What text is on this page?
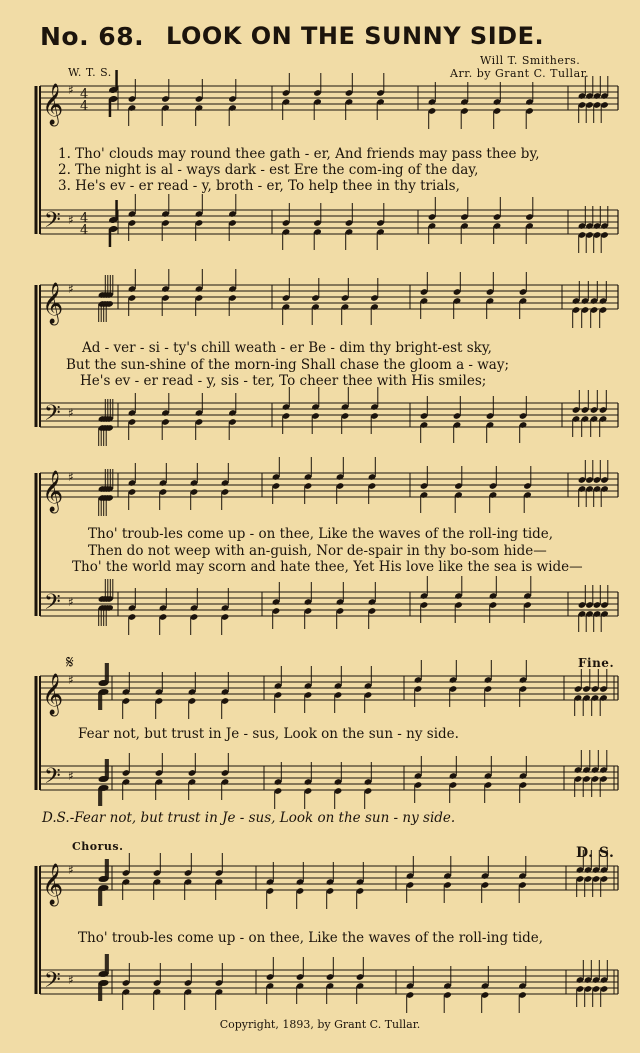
No. 68. LOOK ON THE SUNNY SIDE.
Will T. Smithers.
W. T. S.	Arr. by Grant C. Tullar.
𝄞 ♯ 4
4
𝄢 ♯ 4
4
𝄞 ♯
𝄢 ♯
𝄞 ♯
𝄢 ♯
𝄞 ♯
𝄢 ♯
𝄋
𝄞 ♯
𝄢 ♯
1. Tho' clouds may round thee gath - er, And friends may pass thee by,
2. The night is al - ways dark - est Ere the com-ing of the day,
3. He's ev - er read - y, broth - er, To help thee in thy trials,
Ad - ver - si - ty's chill weath - er Be - dim thy bright-est sky,
But the sun-shine of the morn-ing Shall chase the gloom a - way;
He's ev - er read - y, sis - ter, To cheer thee with His smiles;
Tho' troub-les come up - on thee, Like the waves of the roll-ing tide,
Then do not weep with an-guish, Nor de-spair in thy bo-som hide—
Tho' the world may scorn and hate thee, Yet His love like the sea is wide—
Fine.
Fear not, but trust in Je - sus, Look on the sun - ny side.
D.S.-Fear not, but trust in Je - sus, Look on the sun - ny side.
Chorus.	D. S.
Tho' troub-les come up - on thee, Like the waves of the roll-ing tide,
Copyright, 1893, by Grant C. Tullar.
